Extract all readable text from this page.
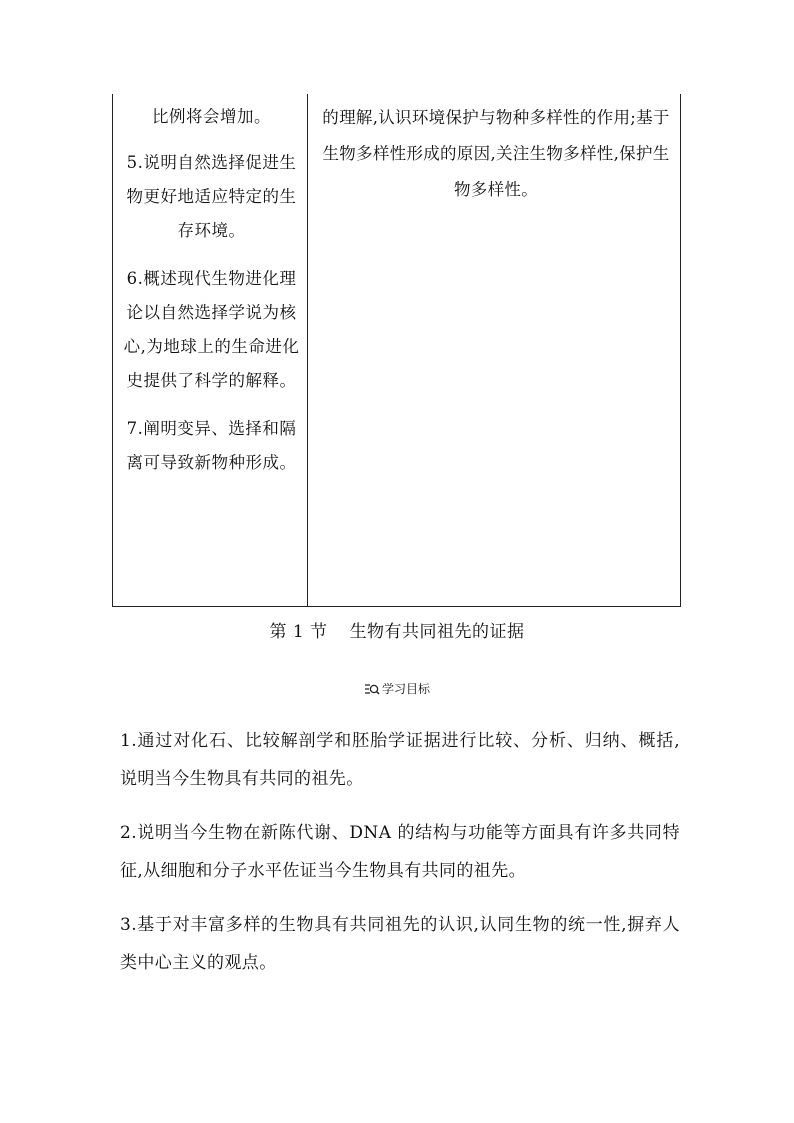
比例将会增加。

5.说明自然选择促进生物更好地适应特定的生存环境。

6.概述现代生物进化理论以自然选择学说为核心,为地球上的生命进化史提供了科学的解释。

7.阐明变异、选择和隔离可导致新物种形成。

的理解,认识环境保护与物种多样性的作用;基于生物多样性形成的原因,关注生物多样性,保护生物多样性。
第 1 节 生物有共同祖先的证据
学习目标

1.通过对化石、比较解剖学和胚胎学证据进行比较、分析、归纳、概括,说明当今生物具有共同的祖先。

2.说明当今生物在新陈代谢、DNA 的结构与功能等方面具有许多共同特征,从细胞和分子水平佐证当今生物具有共同的祖先。

3.基于对丰富多样的生物具有共同祖先的认识,认同生物的统一性,摒弃人类中心主义的观点。
